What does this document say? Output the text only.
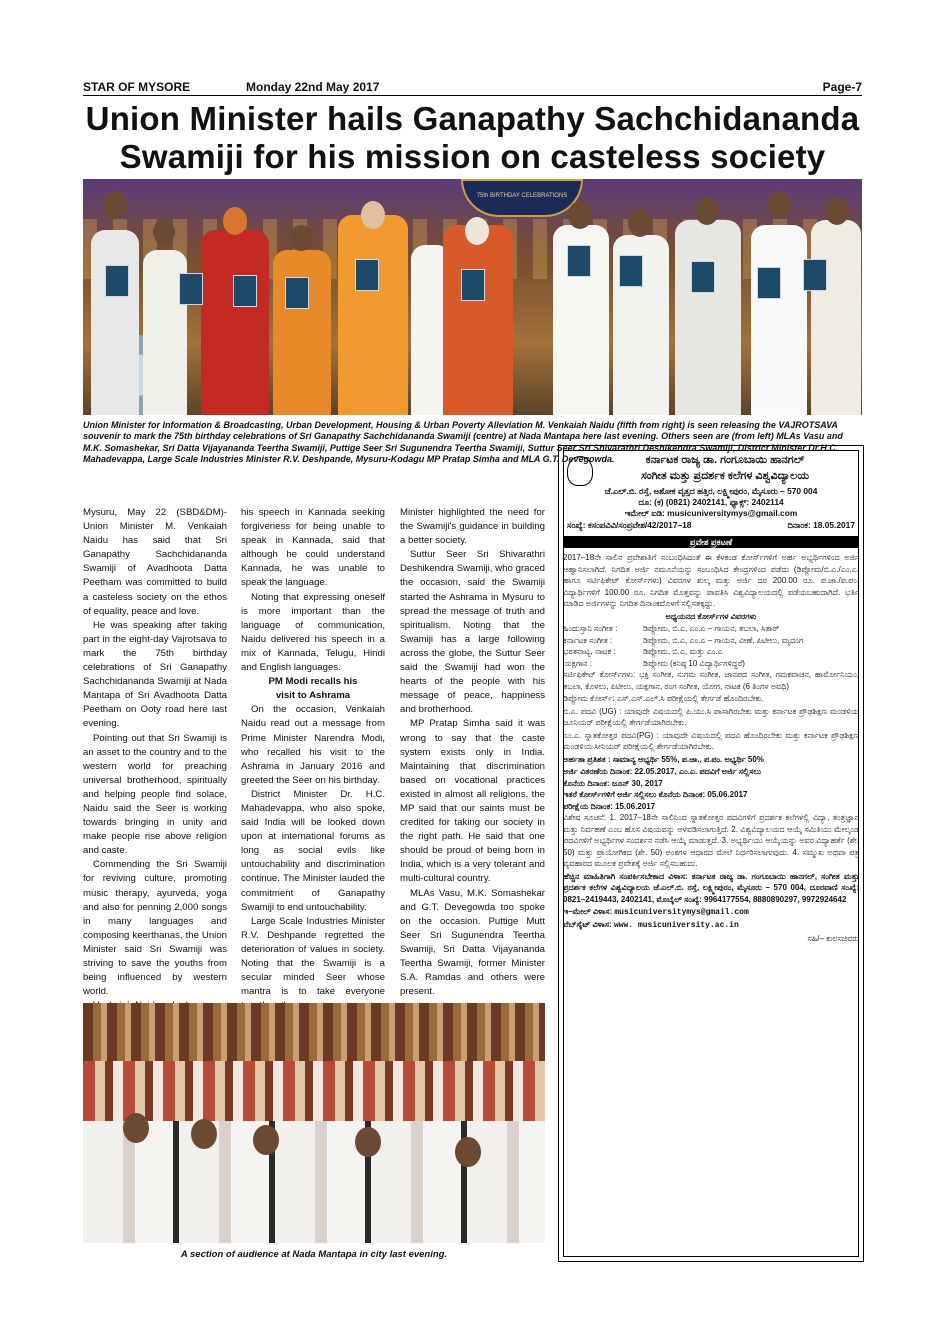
STAR OF MYSORE	Monday 22nd May 2017	Page-7
Union Minister hails Ganapathy Sachchidananda
Swamiji for his mission on casteless society
75th BIRTHDAY CELEBRATIONS
Union Minister for Information & Broadcasting, Urban Development, Housing & Urban Poverty Alleviation M. Venkaiah Naidu (fifth from right) is seen releasing the VAJROTSAVA souvenir to mark the 75th birthday celebrations of Sri Ganapathy Sachchidananda Swamiji (centre) at Nada Mantapa here last evening. Others seen are (from left) MLAs Vasu and M.K. Somashekar, Sri Datta Vijayananda Teertha Swamiji, Puttige Seer Sri Sugunendra Teertha Swamiji, Suttur Seer Sri Shivarathri Deshikendra Swamiji, District Minister Dr.H.C. Mahadevappa, Large Scale Industries Minister R.V. Deshpande, Mysuru-Kodagu MP Pratap Simha and MLA G.T. Devegowda.

Mysuru, May 22 (SBD&DM)- Union Minister M. Venkaiah Naidu has said that Sri Ganapathy Sachchidananda Swamiji of Avadhoota Datta Peetham was committed to build a casteless society on the ethos of equality, peace and love.

He was speaking after taking part in the eight-day Vajrotsava to mark the 75th birthday celebrations of Sri Ganapathy Sachchidananda Swamiji at Nada Mantapa of Sri Avadhoota Datta Peetham on Ooty road here last evening.

Pointing out that Sri Swamiji is an asset to the country and to the western world for preaching universal brotherhood, spiritually and helping people find solace, Naidu said the Seer is working towards bringing in unity and make people rise above religion and caste.

Commending the Sri Swamiji for reviving culture, promoting music therapy, ayurveda, yoga and also for penning 2,000 songs in many languages and composing keerthanas, the Union Minister said Sri Swamiji was striving to save the youths from being influenced by western world.

his speech in Kannada seeking forgiveness for being unable to speak in Kannada, said that although he could understand Kannada, he was unable to speak the language.

Noting that expressing oneself is more important than the language of communication, Naidu delivered his speech in a mix of Kannada, Telugu, Hindi and English languages.

PM Modi recalls his visit to Ashrama

On the occasion, Venkaiah Naidu read out a message from Prime Minister Narendra Modi, who recalled his visit to the Ashrama in January 2016 and greeted the Seer on his birthday.

District Minister Dr. H.C. Mahadevappa, who also spoke, said India will be looked down upon at international forums as long as social evils like untouchability and discrimination continue. The Minister lauded the commitment of Ganapathy Swamiji to end untouchability.

Large Scale Industries Minister R.V. Deshpande regretted the deterioration of values in society. Noting that the Swamiji is a secular minded Seer whose mantra is to take everyone

Minister highlighted the need for the Swamiji's guidance in building a better society.

Suttur Seer Sri Shivarathri Deshikendra Swamiji, who graced the occasion, said the Swamiji started the Ashrama in Mysuru to spread the message of truth and spiritualism. Noting that the Swamiji has a large following across the globe, the Suttur Seer said the Swamiji had won the hearts of the people with his message of peace, happiness and brotherhood.

MP Pratap Simha said it was wrong to say that the caste system exists only in India. Maintaining that discrimination based on vocational practices existed in almost all religions, the MP said that our saints must be credited for taking our society in the right path. He said that one should be proud of being born in India, which is a very tolerant and multi-cultural country.

MLAs Vasu, M.K. Somashekar and G.T. Devegowda too spoke on the occasion. Puttige Mutt Seer Sri Sugunendra Teertha Swamiji, Sri Datta Vijayananda Teertha Swamiji, former Minister S.A. Ramdas and others were present.

A section of audience at Nada Mantapa in city last evening.
ಕರ್ನಾಟಕ ರಾಜ್ಯ ಡಾ. ಗಂಗೂಬಾಯಿ ಹಾನಗಲ್
ಸಂಗೀತ ಮತ್ತು ಪ್ರದರ್ಶಕ ಕಲೆಗಳ ವಿಶ್ವವಿದ್ಯಾಲಯ
ಜೆ.ಎಲ್.ಬಿ. ರಸ್ತೆ, ಅಶೋಕ ವೃತ್ತದ ಹತ್ತಿರ, ಲಕ್ಷ್ಮೀಪುರಂ, ಮೈಸೂರು – 570 004
ದೂ: (ಕ) (0821) 2402141, ಫ್ಯಾಕ್ಸ್: 2402114
ಇಮೇಲ್ ಐಡಿ: musicuniversitymys@gmail.com
ಸಂಖ್ಯೆ: ಕಸಂಪವಿವಿ/ಸಂಪ್ರವೇಶ/42/2017–18	ದಿನಾಂಕ: 18.05.2017
ಪ್ರವೇಶ ಪ್ರಕಟಣೆ

2017–18ನೇ ಸಾಲಿನ ಪ್ರವೇಶಾತಿಗೆ ಸಂಬಂಧಿಸಿದಂತೆ ಈ ಕೆಳಕಂಡ ಕೋರ್ಸ್‌ಗಳಿಗೆ ಅರ್ಹ ಅಭ್ಯರ್ಥಿಗಳಿಂದ ಅರ್ಜಿ ಆಹ್ವಾನಿಸಲಾಗಿದೆ. ನಿಗದಿತ ಅರ್ಜಿ ನಮೂನೆಯನ್ನು ಸಂಬಂಧಿಸಿದ ಕೇಂದ್ರಗಳಿಂದ ಪಡೆದು (ಡಿಪ್ಲೋಮ/ಬಿ.ಎ./ಎಂ.ಎ. ಹಾಗೂ ಸರ್ಟಿಫಿಕೇಟ್ ಕೋರ್ಸ್‌ಗಳು) ವಿವರಗಳ ಶುಲ್ಕ ಮತ್ತು ಅರ್ಜಿ ದರ 200.00 ರೂ. ಪ.ಜಾ./ಪ.ಪಂ. ವಿದ್ಯಾರ್ಥಿಗಳಿಗೆ 100.00 ರೂ. ನಿಗದಿತ ಮೊತ್ತವನ್ನು ಪಾವತಿಸಿ ವಿಶ್ವವಿದ್ಯಾಲಯದಲ್ಲಿ ಪಡೆಯಬಹುದಾಗಿದೆ. ಭರ್ತಿ ಮಾಡಿದ ಅರ್ಜಿಗಳನ್ನು ನಿಗದಿತ ದಿನಾಂಕದೊಳಗೆ ಸಲ್ಲಿಸತಕ್ಕದ್ದು.

ಅಧ್ಯಯನದ ಕೋರ್ಸ್‌ಗಳ ವಿವರಗಳು

ಹಿಂದುಸ್ತಾನಿ ಸಂಗೀತ :	ಡಿಪ್ಲೋಮ, ಬಿ.ಎ, ಎಂ.ಎ – ಗಾಯನ, ತಬಲಾ, ಸಿತಾರ್
ಕರ್ನಾಟಕ ಸಂಗೀತ :	ಡಿಪ್ಲೋಮ, ಬಿ.ಎ, ಎಂ.ಎ – ಗಾಯನ, ವೀಣೆ, ಪಿಟೀಲು, ಮೃದಂಗ
ಭರತನಾಟ್ಯ, ನಾಟಕ :	ಡಿಪ್ಲೋಮ, ಬಿ.ಎ, ಮತ್ತು ಎಂ.ಎ
ಯಕ್ಷಗಾನ :	ಡಿಪ್ಲೋಮ (ಕನಿಷ್ಠ 10 ವಿದ್ಯಾರ್ಥಿಗಳಿದ್ದರೆ)

ಸರ್ಟಿಫಿಕೇಟ್ ಕೋರ್ಸ್‌ಗಳು: ಭಕ್ತಿ ಸಂಗೀತ, ಸುಗಮ ಸಂಗೀತ, ಜಾನಪದ ಸಂಗೀತ, ಗಮಕವಾಚನ, ಹಾರ್ಮೋನಿಯಂ, ತಬಲಾ, ಕೊಳಲು, ಪಿಟೀಲು, ಯಕ್ಷಗಾನ, ರಂಗ ಸಂಗೀತ, ಯೋಗ, ನಾಟಕ (6 ತಿಂಗಳ ಅವಧಿ)

ಡಿಪ್ಲೋಮ ಕೋರ್ಸ್: ಎಸ್.ಎಸ್.ಎಲ್.ಸಿ ಪರೀಕ್ಷೆಯಲ್ಲಿ ತೇರ್ಗಡೆ ಹೊಂದಿರಬೇಕು.

ಬಿ.ಎ. ಪದವಿ (UG) : ಯಾವುದೇ ವಿಷಯದಲ್ಲಿ ಪಿ.ಯು.ಸಿ ಪಾಸಾಗಿರಬೇಕು ಮತ್ತು ಕರ್ನಾಟಕ ಪ್ರೌಢಶಿಕ್ಷಣ ಮಂಡಳಿಯ ಜೂನಿಯರ್ ಪರೀಕ್ಷೆಯಲ್ಲಿ ತೇರ್ಗಡೆಯಾಗಿರಬೇಕು.

ಎಂ.ಎ. ಸ್ನಾತಕೋತ್ತರ ಪದವಿ(PG) : ಯಾವುದೇ ವಿಷಯದಲ್ಲಿ ಪದವಿ ಹೊಂದಿರಬೇಕು ಮತ್ತು ಕರ್ನಾಟಕ ಪ್ರೌಢಶಿಕ್ಷಣ ಮಂಡಳಿಯ ಸೀನಿಯರ್ ಪರೀಕ್ಷೆಯಲ್ಲಿ ತೇರ್ಗಡೆಯಾಗಿರಬೇಕು.

ಅರ್ಹತಾ ಪ್ರತಿಶತ : ಸಾಮಾನ್ಯ ಅಭ್ಯರ್ಥಿ 55%, ಪ.ಜಾ., ಪ.ಪಂ. ಅಭ್ಯರ್ಥಿ 50%

ಅರ್ಜಿ ವಿತರಣೆಯ ದಿನಾಂಕ: 22.05.2017, ಎಂ.ಎ. ಪದವಿಗೆ ಅರ್ಜಿ ಸಲ್ಲಿಸಲು
ಕೊನೆಯ ದಿನಾಂಕ: ಜೂನ್ 30, 2017
ಇತರೆ ಕೋರ್ಸ್‌ಗಳಿಗೆ ಅರ್ಜಿ ಸಲ್ಲಿಸಲು ಕೊನೆಯ ದಿನಾಂಕ: 05.06.2017
ಪರೀಕ್ಷೆಯ ದಿನಾಂಕ: 15.06.2017

ವಿಶೇಷ ಸೂಚನೆ: 1. 2017–18ನೇ ಸಾಲಿನಿಂದ ಸ್ನಾತಕೋತ್ತರ ಪದವಿಗಳಿಗೆ ಪ್ರದರ್ಶಕ ಕಲೆಗಳಲ್ಲಿ ವಿದ್ಯಾ, ತಂತ್ರಜ್ಞಾನ ಮತ್ತು ನಿರ್ವಹಣೆ ಎಂಬ ಹೊಸ ವಿಷಯವನ್ನು ಅಳವಡಿಸಲಾಗುತ್ತಿದೆ. 2. ವಿಶ್ವವಿದ್ಯಾಲಯದ ಆಯ್ಕೆ ಸಮಿತಿಯು ಮೇಲ್ಕಂಡ ಪದವಿಗಳಿಗೆ ಅಭ್ಯರ್ಥಿಗಳ ಸಂದರ್ಶನ ನಡೆಸಿ ಆಯ್ಕೆ ಮಾಡುತ್ತದೆ. 3. ಅಭ್ಯರ್ಥಿಯು ಆಯ್ಕೆಯನ್ನು ಅವರ ವಿದ್ಯಾಹರ್ತೆ (ಶೇ. 50) ಮತ್ತು ಪ್ರಾಯೋಗಿಕದ (ಶೇ. 50) ಅಂಕಗಳ ಆಧಾರದ ಮೇಲೆ ನಿರ್ಧರಿಸಲಾಗುವುದು. 4. ಸಮ್ಮುಖ ಅಥವಾ ಪತ್ರ ವ್ಯವಹಾರದ ಮೂಲಕ ಪ್ರವೇಶಕ್ಕೆ ಅರ್ಜಿ ಸಲ್ಲಿಸಬಹುದು.

ಹೆಚ್ಚಿನ ಮಾಹಿತಿಗಾಗಿ ಸಂಪರ್ಕಿಸಬೇಕಾದ ವಿಳಾಸ: ಕರ್ನಾಟಕ ರಾಜ್ಯ ಡಾ. ಗಂಗೂಬಾಯಿ ಹಾನಗಲ್, ಸಂಗೀತ ಮತ್ತು ಪ್ರದರ್ಶಕ ಕಲೆಗಳ ವಿಶ್ವವಿದ್ಯಾಲಯ ಜೆ.ಎಲ್.ಬಿ. ರಸ್ತೆ, ಲಕ್ಷ್ಮೀಪುರಂ, ಮೈಸೂರು – 570 004, ದೂರವಾಣಿ ಸಂಖ್ಯೆ: 0821–2419443, 2402141, ಮೊಬೈಲ್ ಸಂಖ್ಯೆ: 9964177554, 8880890297, 9972924642

ಇ–ಮೇಲ್ ವಿಳಾಸ: musicuniversitymys@gmail.com
ವೆಬ್‌ಸೈಟ್ ವಿಳಾಸ: www. musicuniversity.ac.in
ಸಹಿ/– ಕುಲಸಚಿವರು
